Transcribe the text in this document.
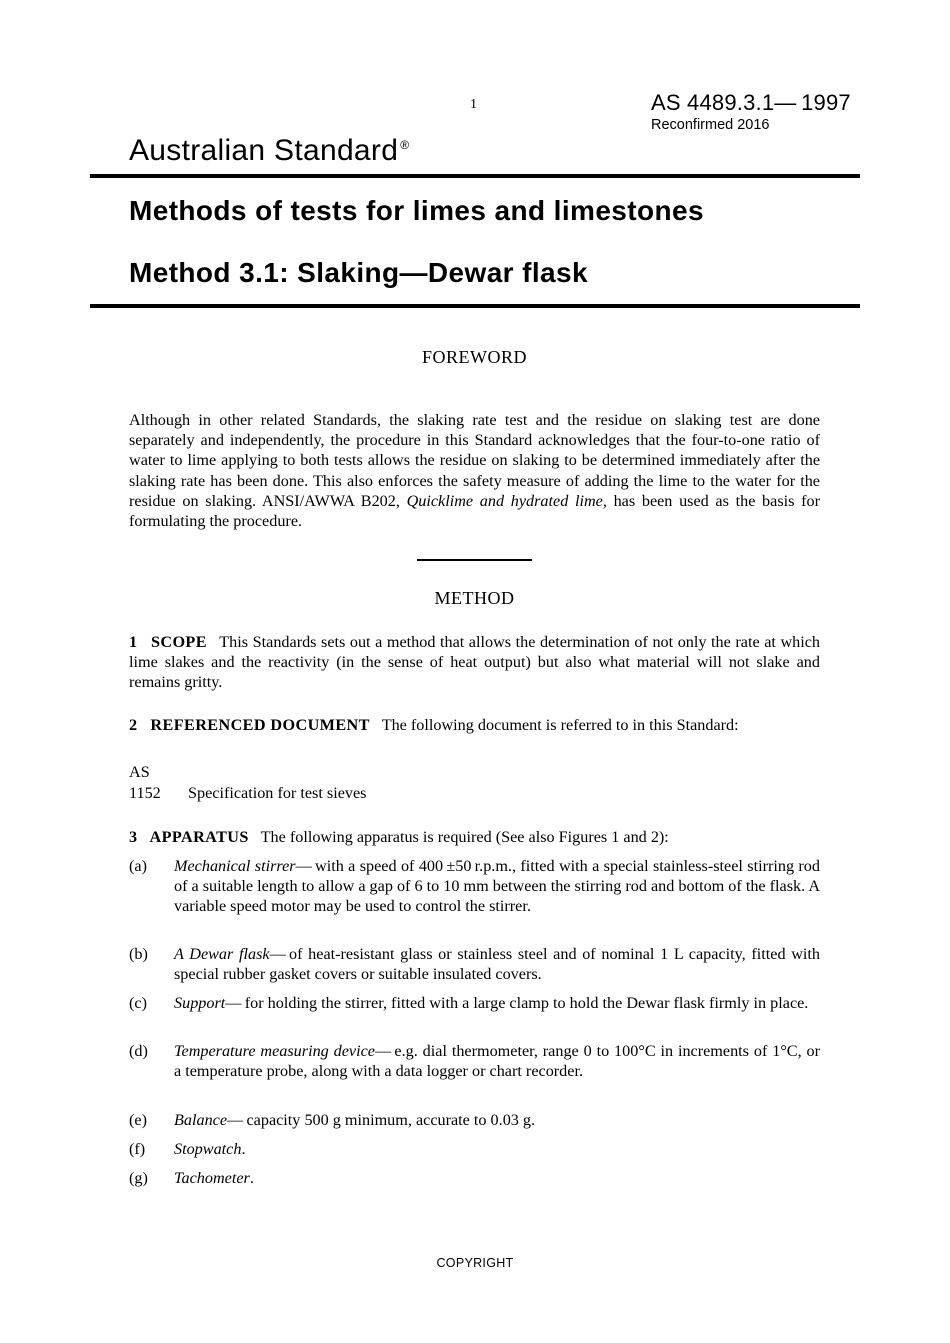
1	AS 4489.3.1— 1997
Reconfirmed 2016
Australian Standard ®
Methods of tests for limes and limestones
Method 3.1: Slaking—Dewar flask
FOREWORD
Although in other related Standards, the slaking rate test and the residue on slaking test are done separately and independently, the procedure in this Standard acknowledges that the four-to-one ratio of water to lime applying to both tests allows the residue on slaking to be determined immediately after the slaking rate has been done. This also enforces the safety measure of adding the lime to the water for the residue on slaking. ANSI/AWWA B202, Quicklime and hydrated lime, has been used as the basis for formulating the procedure.
METHOD
1  SCOPE  This Standards sets out a method that allows the determination of not only the rate at which lime slakes and the reactivity (in the sense of heat output) but also what material will not slake and remains gritty.
2  REFERENCED DOCUMENT  The following document is referred to in this Standard:
AS
1152 Specification for test sieves
3  APPARATUS  The following apparatus is required (See also Figures 1 and 2):
(a) Mechanical stirrer— with a speed of 400 ±50 r.p.m., fitted with a special stainless-steel stirring rod of a suitable length to allow a gap of 6 to 10 mm between the stirring rod and bottom of the flask. A variable speed motor may be used to control the stirrer.
(b) A Dewar flask— of heat-resistant glass or stainless steel and of nominal 1 L capacity, fitted with special rubber gasket covers or suitable insulated covers.
(c) Support— for holding the stirrer, fitted with a large clamp to hold the Dewar flask firmly in place.
(d) Temperature measuring device— e.g. dial thermometer, range 0 to 100°C in increments of 1°C, or a temperature probe, along with a data logger or chart recorder.
(e) Balance— capacity 500 g minimum, accurate to 0.03 g.
(f) Stopwatch.
(g) Tachometer.
COPYRIGHT
